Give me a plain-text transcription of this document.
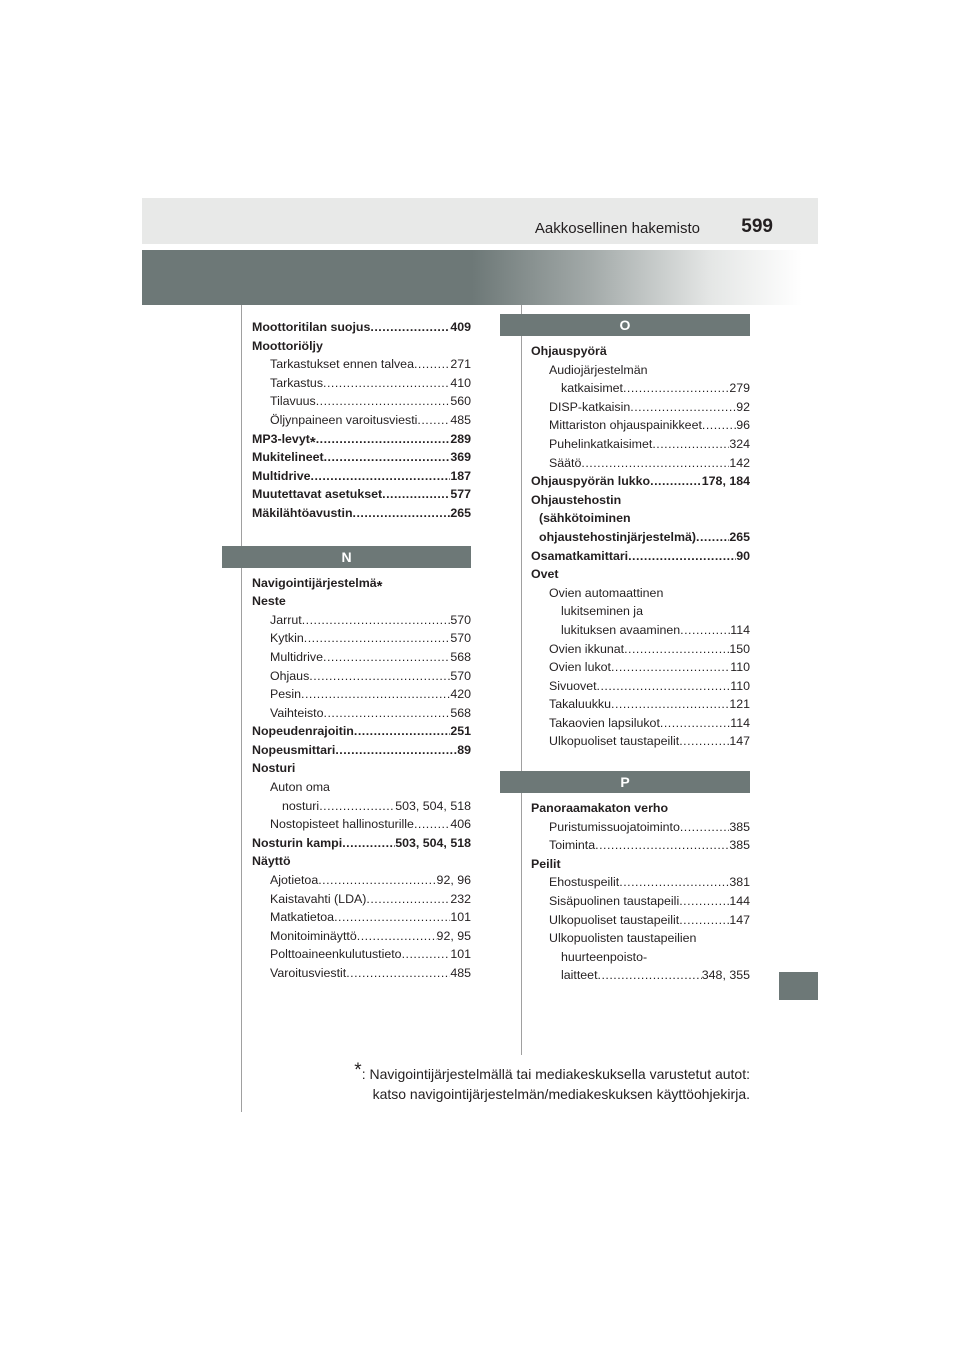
Aakkosellinen hakemisto 599
Moottoritilan suojus .....	409
Moottoriöljy
Tarkastukset ennen talvea .....	271
Tarkastus .....	410
Tilavuus .....	560
Öljynpaineen varoitusviesti .....	485
MP3-levyt * .....	289
Mukitelineet .....	369
Multidrive .....	187
Muutettavat asetukset .....	577
Mäkilähtöavustin .....	265
N
Navigointijärjestelmä *
Neste
Jarrut .....	570
Kytkin .....	570
Multidrive .....	568
Ohjaus .....	570
Pesin .....	420
Vaihteisto .....	568
Nopeudenrajoitin .....	251
Nopeusmittari .....	89
Nosturi
Auton oma
nosturi .....	503, 504, 518
Nostopisteet hallinosturille .....	406
Nosturin kampi .....	503, 504, 518
Näyttö
Ajotietoa .....	92, 96
Kaistavahti (LDA) .....	232
Matkatietoa .....	101
Monitoiminäyttö .....	92, 95
Polttoaineenkulutustieto .....	101
Varoitusviestit .....	485
O
Ohjauspyörä
Audiojärjestelmän
katkaisimet .....	279
DISP-katkaisin .....	92
Mittariston ohjauspainikkeet .....	96
Puhelinkatkaisimet .....	324
Säätö .....	142
Ohjauspyörän lukko .....	178, 184
Ohjaustehostin
(sähkötoiminen
ohjaustehostinjärjestelmä) .....	265
Osamatkamittari .....	90
Ovet
Ovien automaattinen
lukitseminen ja
lukituksen avaaminen .....	114
Ovien ikkunat .....	150
Ovien lukot .....	110
Sivuovet .....	110
Takaluukku .....	121
Takaovien lapsilukot .....	114
Ulkopuoliset taustapeilit .....	147
P
Panoraamakaton verho
Puristumissuojatoiminto .....	385
Toiminta .....	385
Peilit
Ehostuspeilit .....	381
Sisäpuolinen taustapeili .....	144
Ulkopuoliset taustapeilit .....	147
Ulkopuolisten taustapeilien
huurteenpoisto-
laitteet .....	348, 355
*: Navigointijärjestelmällä tai mediakeskuksella varustetut autot:
katso navigointijärjestelmän/mediakeskuksen käyttöohjekirja.
